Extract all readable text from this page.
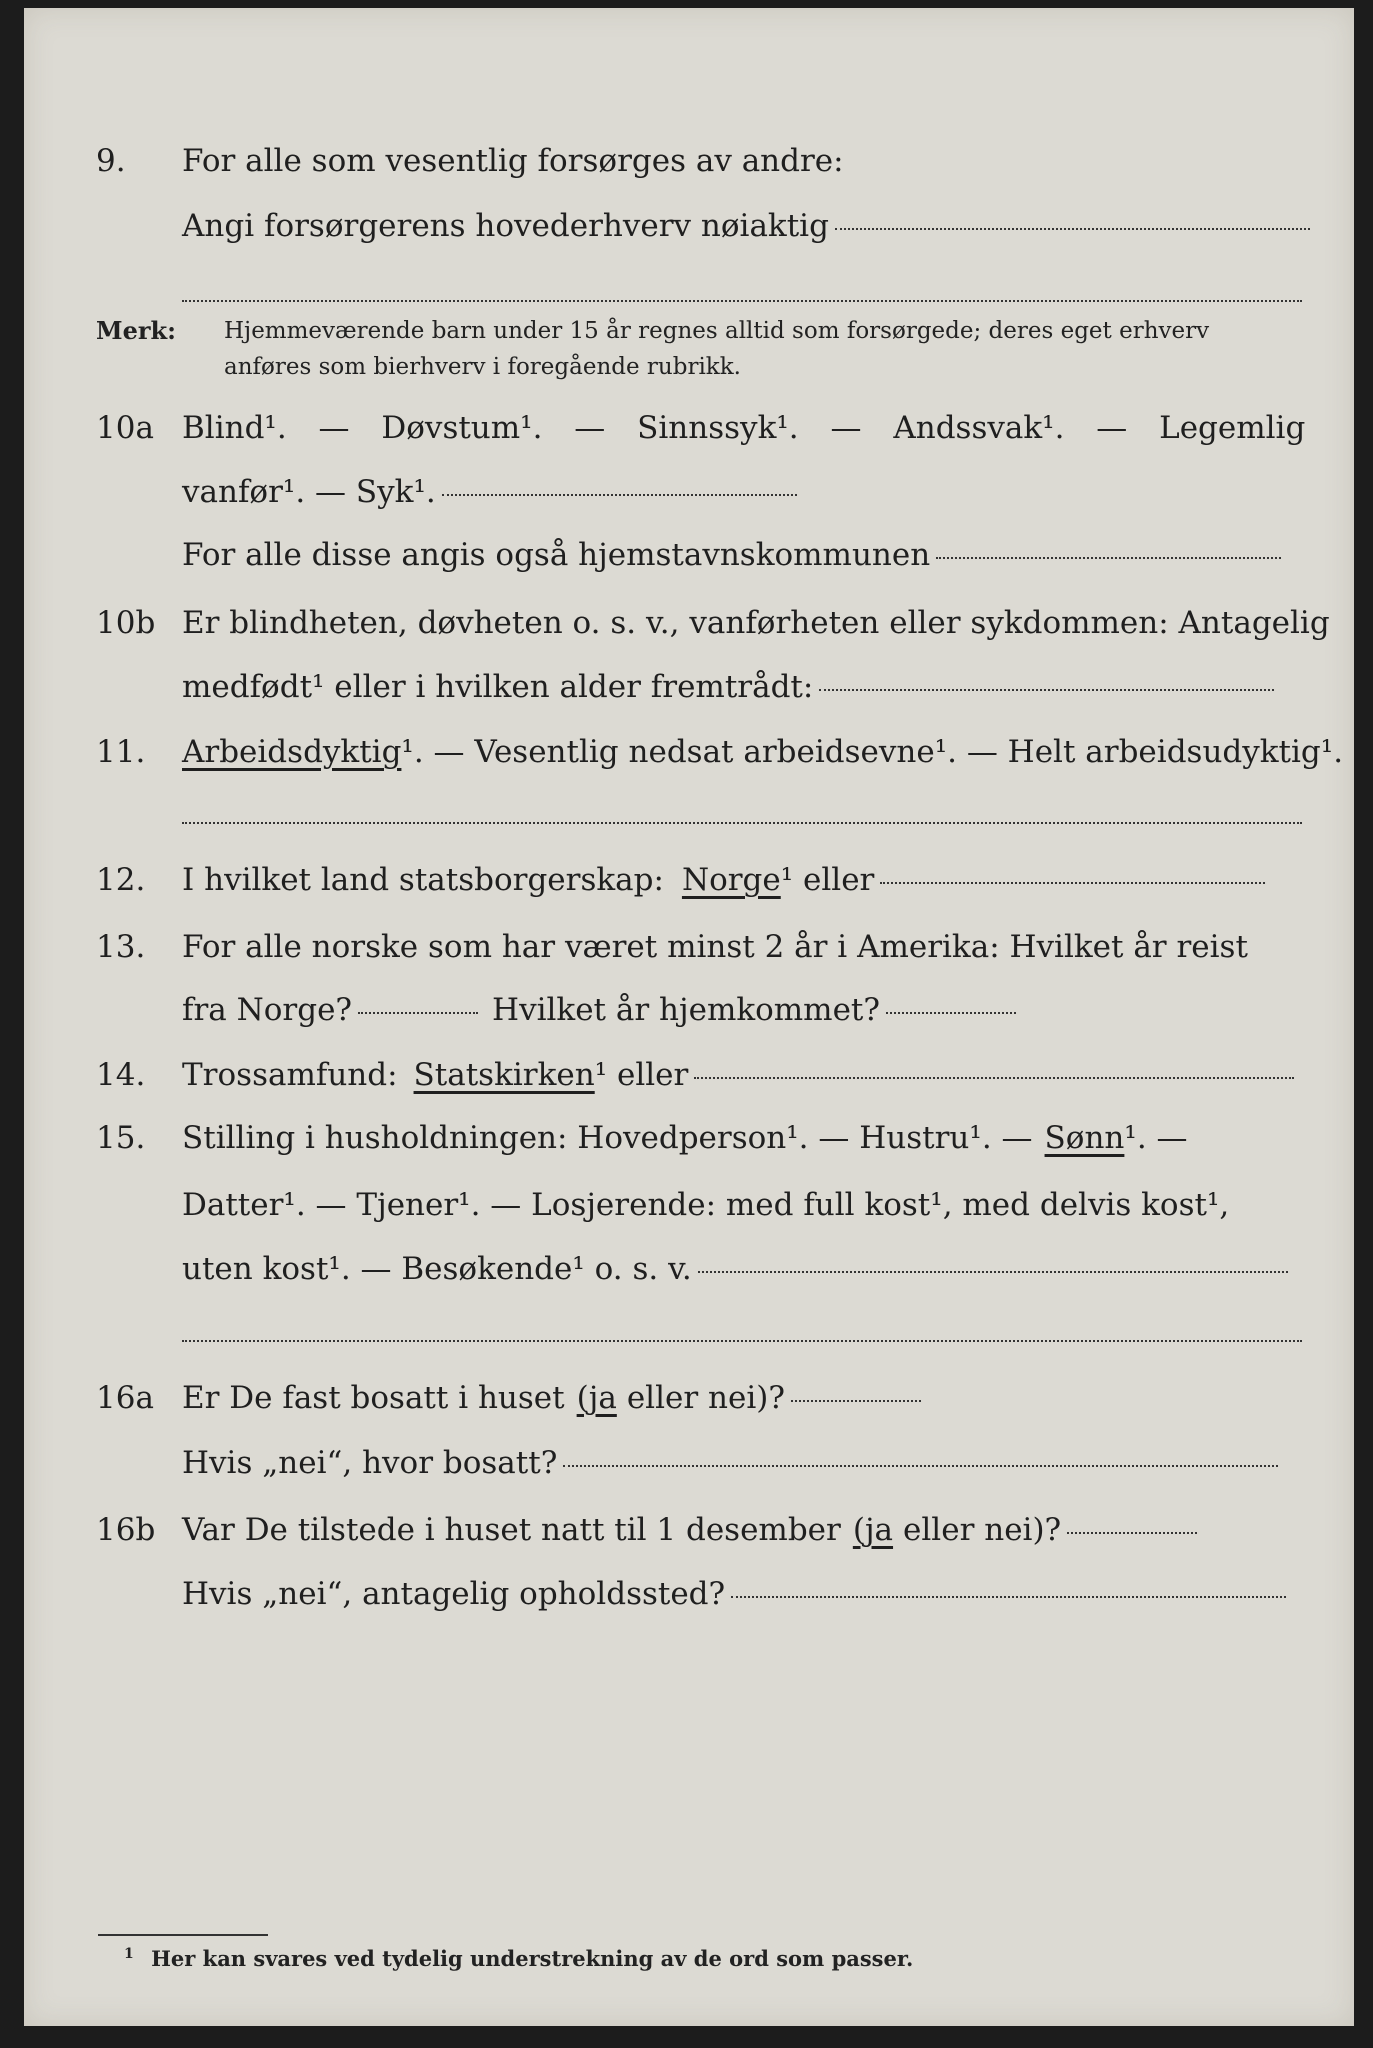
9. For alle som vesentlig forsørges av andre:
Angi forsørgerens hovederhverv nøiaktig
Merk: Hjemmeværende barn under 15 år regnes alltid som forsørgede; deres eget erhverv
anføres som bierhverv i foregående rubrikk.
10a Blind¹. — Døvstum¹. — Sinnssyk¹. — Andssvak¹. — Legemlig
vanfør¹. — Syk¹.
For alle disse angis også hjemstavnskommunen
10b Er blindheten, døvheten o. s. v., vanførheten eller sykdommen: Antagelig
medfødt¹ eller i hvilken alder fremtrådt:
11. Arbeidsdyktig ¹. — Vesentlig nedsat arbeidsevne¹. — Helt arbeidsudyktig¹.
12. I hvilket land statsborgerskap: Norge ¹ eller
13. For alle norske som har været minst 2 år i Amerika: Hvilket år reist
fra Norge?	Hvilket år hjemkommet?
14. Trossamfund: Statskirken ¹ eller
15. Stilling i husholdningen: Hovedperson¹. — Hustru¹. — Sønn ¹. —
Datter¹. — Tjener¹. — Losjerende: med full kost¹, med delvis kost¹,
uten kost¹. — Besøkende¹ o. s. v.
16a Er De fast bosatt i huset (ja eller nei)?
Hvis „nei“, hvor bosatt?
16b Var De tilstede i huset natt til 1 desember (ja eller nei)?
Hvis „nei“, antagelig opholdssted?
$^1$ Her kan svares ved tydelig understrekning av de ord som passer.
